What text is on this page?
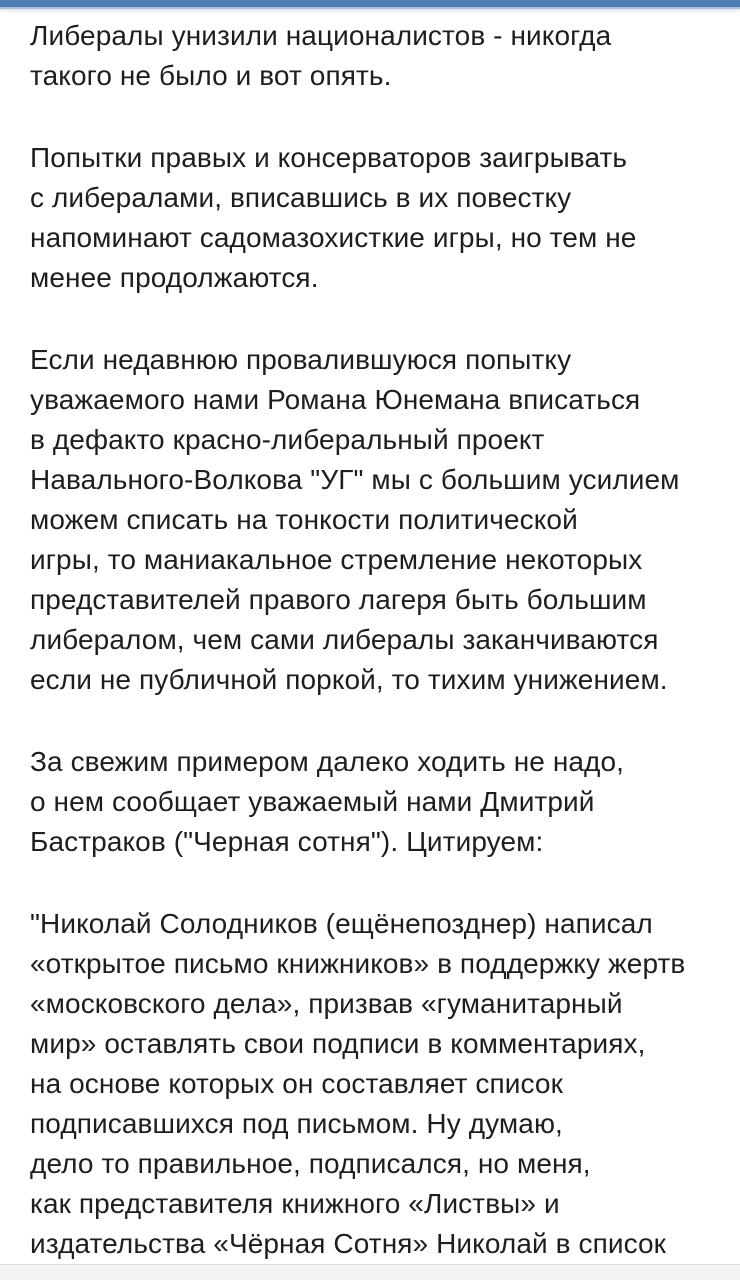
Либералы унизили националистов - никогда
такого не было и вот опять.
Попытки правых и консерваторов заигрывать
с либералами, вписавшись в их повестку
напоминают садомазохисткие игры, но тем не
менее продолжаются.
Если недавнюю провалившуюся попытку
уважаемого нами Романа Юнемана вписаться
в дефакто красно-либеральный проект
Навального-Волкова "УГ" мы с большим усилием
можем списать на тонкости политической
игры, то маниакальное стремление некоторых
представителей правого лагеря быть большим
либералом, чем сами либералы заканчиваются
если не публичной поркой, то тихим унижением.
За свежим примером далеко ходить не надо,
о нем сообщает уважаемый нами Дмитрий
Бастраков ("Черная сотня"). Цитируем:
"Николай Солодников (ещёнепозднер) написал
«открытое письмо книжников» в поддержку жертв
«московского дела», призвав «гуманитарный
мир» оставлять свои подписи в комментариях,
на основе которых он составляет список
подписавшихся под письмом. Ну думаю,
дело то правильное, подписался, но меня,
как представителя книжного «Листвы» и
издательства «Чёрная Сотня» Николай в список
